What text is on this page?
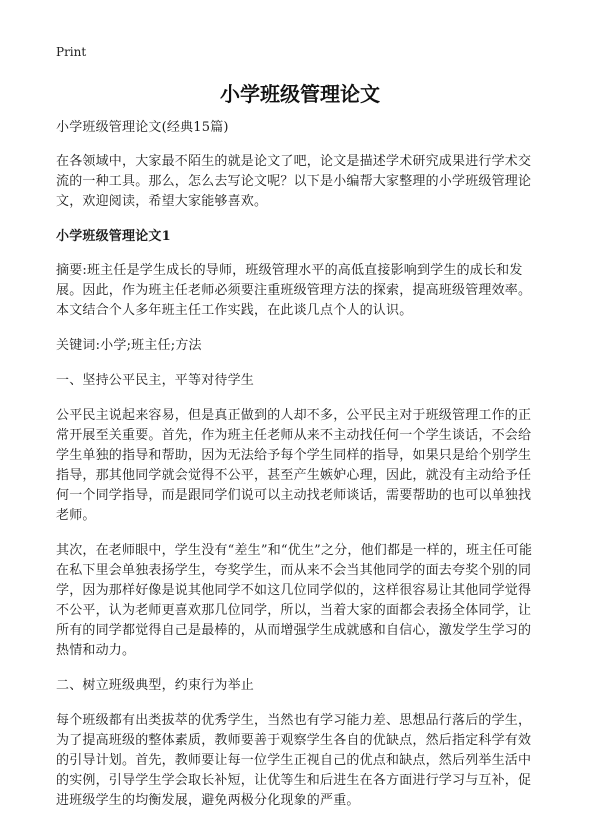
Print
小学班级管理论文

小学班级管理论文(经典15篇)

在各领域中，大家最不陌生的就是论文了吧，论文是描述学术研究成果进行学术交流的一种工具。那么，怎么去写论文呢？以下是小编帮大家整理的小学班级管理论文，欢迎阅读，希望大家能够喜欢。

小学班级管理论文1

摘要:班主任是学生成长的导师，班级管理水平的高低直接影响到学生的成长和发展。因此，作为班主任老师必须要注重班级管理方法的探索，提高班级管理效率。本文结合个人多年班主任工作实践，在此谈几点个人的认识。

关键词:小学;班主任;方法

一、坚持公平民主，平等对待学生

公平民主说起来容易，但是真正做到的人却不多，公平民主对于班级管理工作的正常开展至关重要。首先，作为班主任老师从来不主动找任何一个学生谈话，不会给学生单独的指导和帮助，因为无法给予每个学生同样的指导，如果只是给个别学生指导，那其他同学就会觉得不公平，甚至产生嫉妒心理，因此，就没有主动给予任何一个同学指导，而是跟同学们说可以主动找老师谈话，需要帮助的也可以单独找老师。

其次，在老师眼中，学生没有“差生”和“优生”之分，他们都是一样的，班主任可能在私下里会单独表扬学生，夸奖学生，而从来不会当其他同学的面去夸奖个别的同学，因为那样好像是说其他同学不如这几位同学似的，这样很容易让其他同学觉得不公平，认为老师更喜欢那几位同学，所以，当着大家的面都会表扬全体同学，让所有的同学都觉得自己是最棒的，从而增强学生成就感和自信心，激发学生学习的热情和动力。

二、树立班级典型，约束行为举止

每个班级都有出类拔萃的优秀学生，当然也有学习能力差、思想品行落后的学生，为了提高班级的整体素质，教师要善于观察学生各自的优缺点，然后指定科学有效的引导计划。首先，教师要让每一位学生正视自己的优点和缺点，然后列举生活中的实例，引导学生学会取长补短，让优等生和后进生在各方面进行学习与互补，促进班级学生的均衡发展，避免两极分化现象的严重。
